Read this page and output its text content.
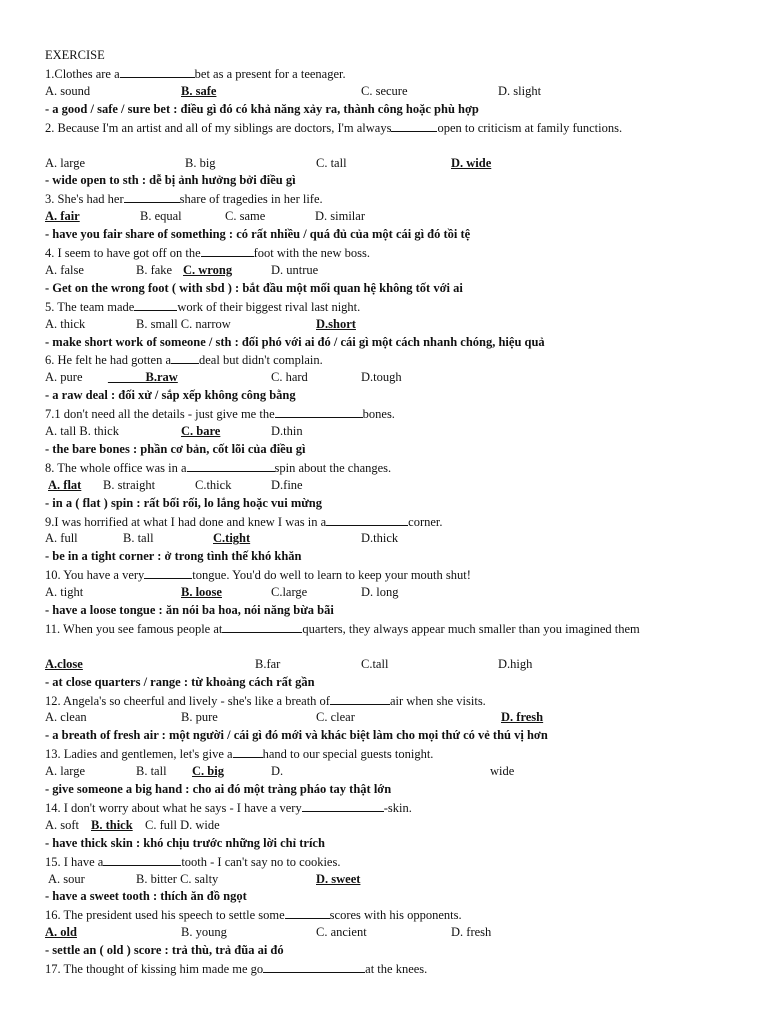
EXERCISE
1.Clothes are a	bet as a present for a teenager.
A. sound	B. safe	C. secure	D. slight
- a good / safe / sure bet : điều gì đó có khả năng xảy ra, thành công hoặc phù hợp
2. Because I'm an artist and all of my siblings are doctors, I'm always	open to criticism at family functions.
A. large	B. big	C. tall	D. wide
- wide open to sth : dễ bị ảnh hưởng bởi điều gì
3. She's had her	share of tragedies in her life.
A. fair	B. equal	C. same	D. similar
- have you fair share of something : có rất nhiều / quá đủ của một cái gì đó tồi tệ
4. I seem to have got off on the	foot with the new boss.
A. false	B. fake C. wrong	D. untrue
- Get on the wrong foot ( with sbd ) : bắt đầu một mối quan hệ không tốt với ai
5. The team made	work of their biggest rival last night.
A. thick	B. small C. narrow	D.short
- make short work of someone / sth : đối phó với ai đó / cái gì một cách nhanh chóng, hiệu quả
6. He felt he had gotten a deal but didn't complain.
A. pure ______B.raw	C. hard	D.tough
- a raw deal : đối xử / sắp xếp không công bằng
7.1 don't need all the details - just give me the	bones.
A. tall B. thick	C. bare	D.thin
- the bare bones : phần cơ bản, cốt lõi của điều gì
8. The whole office was in a	spin about the changes.
A. flat B. straight	C.thick	D.fine
- in a ( flat ) spin : rất bối rối, lo lắng hoặc vui mừng
9.I was horrified at what I had done and knew I was in a	corner.
A. full	B. tall	C.tight	D.thick
- be in a tight corner : ở trong tình thế khó khăn
10. You have a very	tongue. You'd do well to learn to keep your mouth shut!
A. tight	B. loose	C.large	D. long
- have a loose tongue : ăn nói ba hoa, nói năng bừa bãi
11. When you see famous people at	quarters, they always appear much smaller than you imagined them
A.close	B.far	C.tall	D.high
- at close quarters / range : từ khoảng cách rất gần
12. Angela's so cheerful and lively - she's like a breath of	air when she visits.
A. clean	B. pure	C. clear	D. fresh
- a breath of fresh air : một người / cái gì đó mới và khác biệt làm cho mọi thứ có vẻ thú vị hơn
13. Ladies and gentlemen, let's give a hand to our special guests tonight.
A. large	B. tall C. big	D.	wide
- give someone a big hand : cho ai đó một tràng pháo tay thật lớn
14. I don't worry about what he says - I have a very	-skin.
A. soft B. thick C. full D. wide
- have thick skin : khó chịu trước những lời chỉ trích
15. I have a	tooth - I can't say no to cookies.
A. sour	B. bitter C. salty	D. sweet
- have a sweet tooth : thích ăn đồ ngọt
16. The president used his speech to settle some	scores with his opponents.
A. old	B. young	C. ancient	D. fresh
- settle an ( old ) score : trả thù, trả đũa ai đó
17. The thought of kissing him made me go	at the knees.
